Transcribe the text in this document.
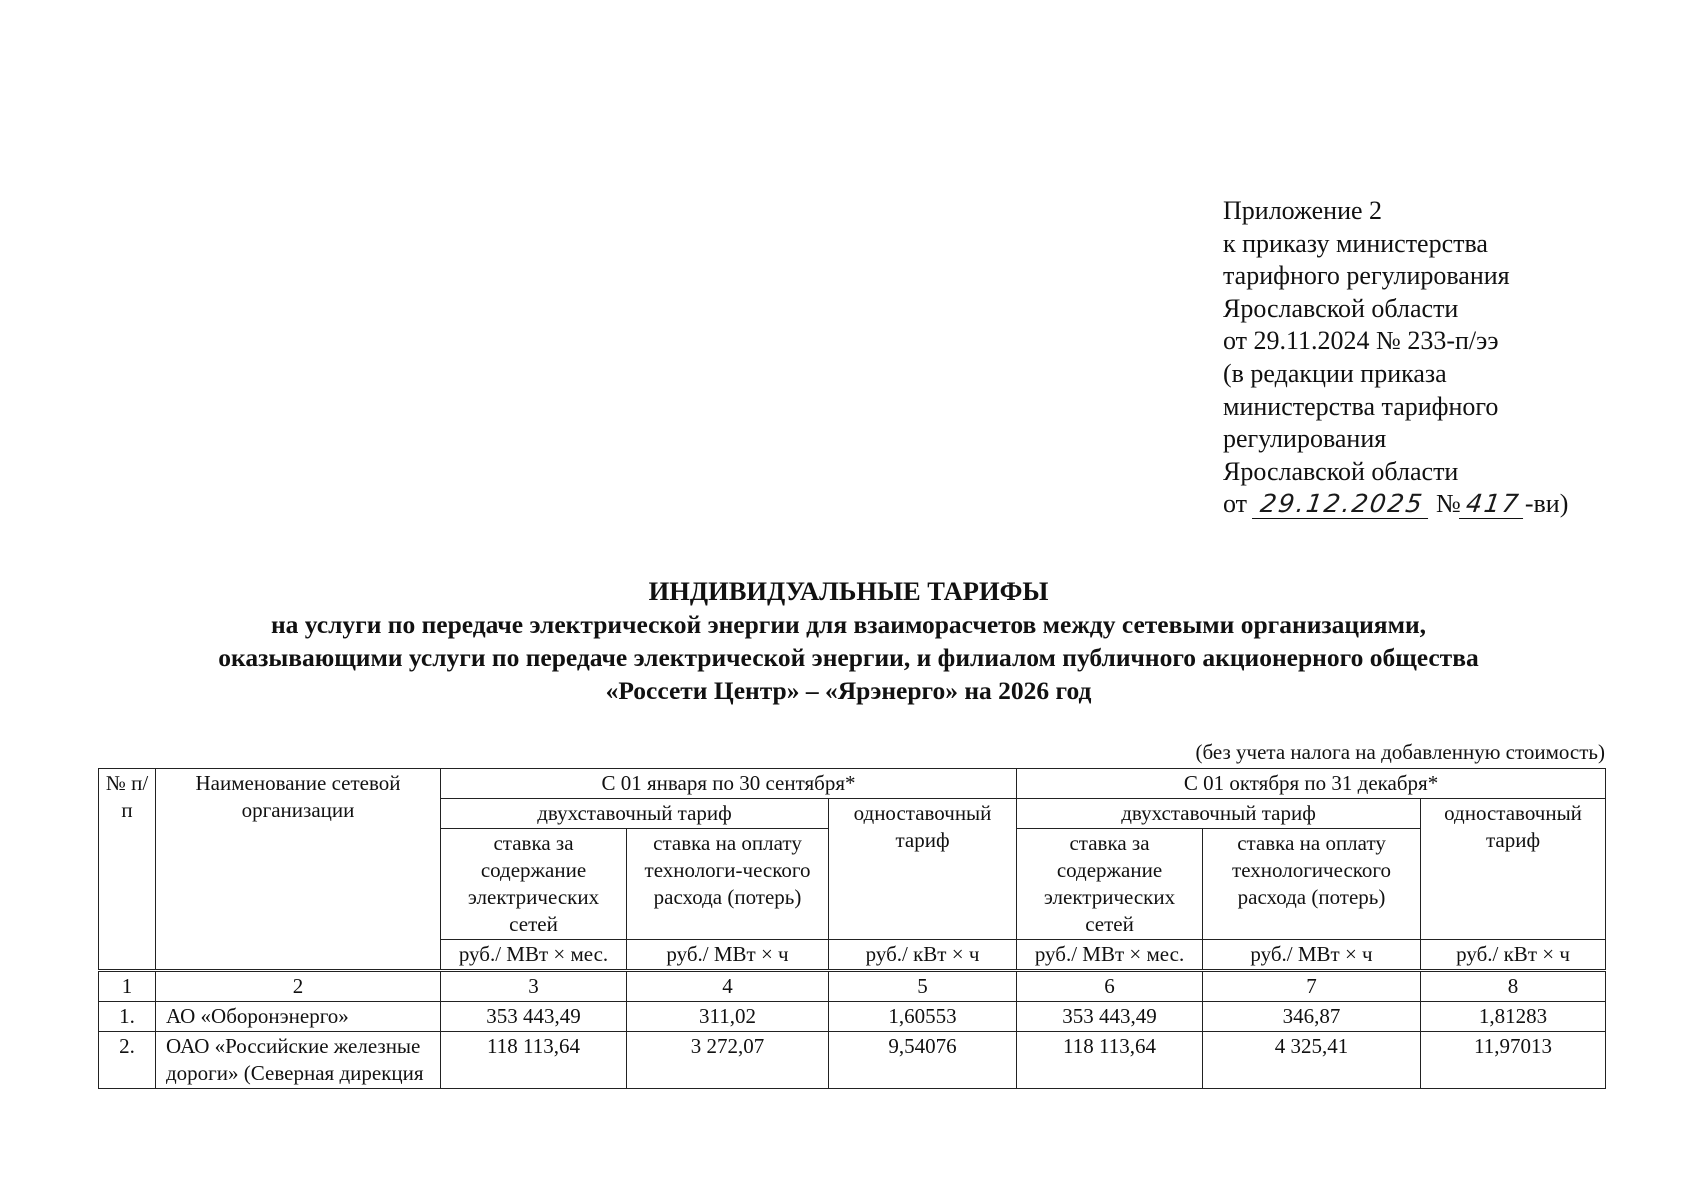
Приложение 2
к приказу министерства
тарифного регулирования
Ярославской области
от 29.11.2024 № 233-п/ээ
(в редакции приказа
министерства тарифного
регулирования
Ярославской области
от 29.12.2025 № 417 -ви)
ИНДИВИДУАЛЬНЫЕ ТАРИФЫ
на услуги по передаче электрической энергии для взаиморасчетов между сетевыми организациями,
оказывающими услуги по передаче электрической энергии, и филиалом публичного акционерного общества
«Россети Центр» – «Ярэнерго» на 2026 год
(без учета налога на добавленную стоимость)
№ п/п	Наименование сетевой организации	С 01 января по 30 сентября*			С 01 октября по 31 декабря*		
		двухставочный тариф		одноставочный тариф	двухставочный тариф		одноставочный тариф
		ставка за содержание электрических сетей	ставка на оплату технологи-ческого расхода (потерь)		ставка за содержание электрических сетей	ставка на оплату технологического расхода (потерь)	
		руб./ МВт × мес.	руб./ МВт × ч	руб./ кВт × ч	руб./ МВт × мес.	руб./ МВт × ч	руб./ кВт × ч
1	2	3	4	5	6	7	8
1.	АО «Оборонэнерго»	353 443,49	311,02	1,60553	353 443,49	346,87	1,81283
2.	ОАО «Российские железные дороги» (Северная дирекция	118 113,64	3 272,07	9,54076	118 113,64	4 325,41	11,97013
